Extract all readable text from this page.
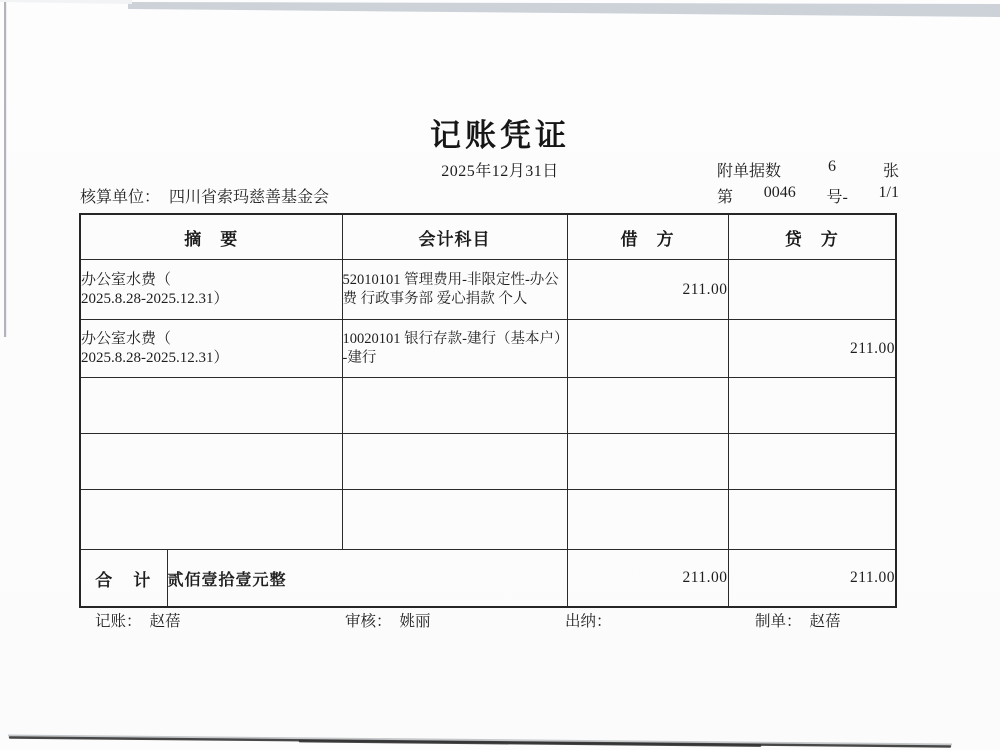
记账凭证
2025年12月31日	附单据数	6	张
第 0046 号- 1/1
核算单位： 四川省索玛慈善基金会
摘　要		会计科目	借　方	贷　方

办公室水费（
2025.8.28-2025.12.31）		52010101 管理费用-非限定性-办公费 行政事务部 爱心捐款 个人	211.00	

办公室水费（
2025.8.28-2025.12.31）		10020101 银行存款-建行（基本户）-建行		211.00

合　计	贰佰壹拾壹元整		211.00	211.00
记账： 赵蓓	审核： 姚丽	出纳：	制单： 赵蓓
